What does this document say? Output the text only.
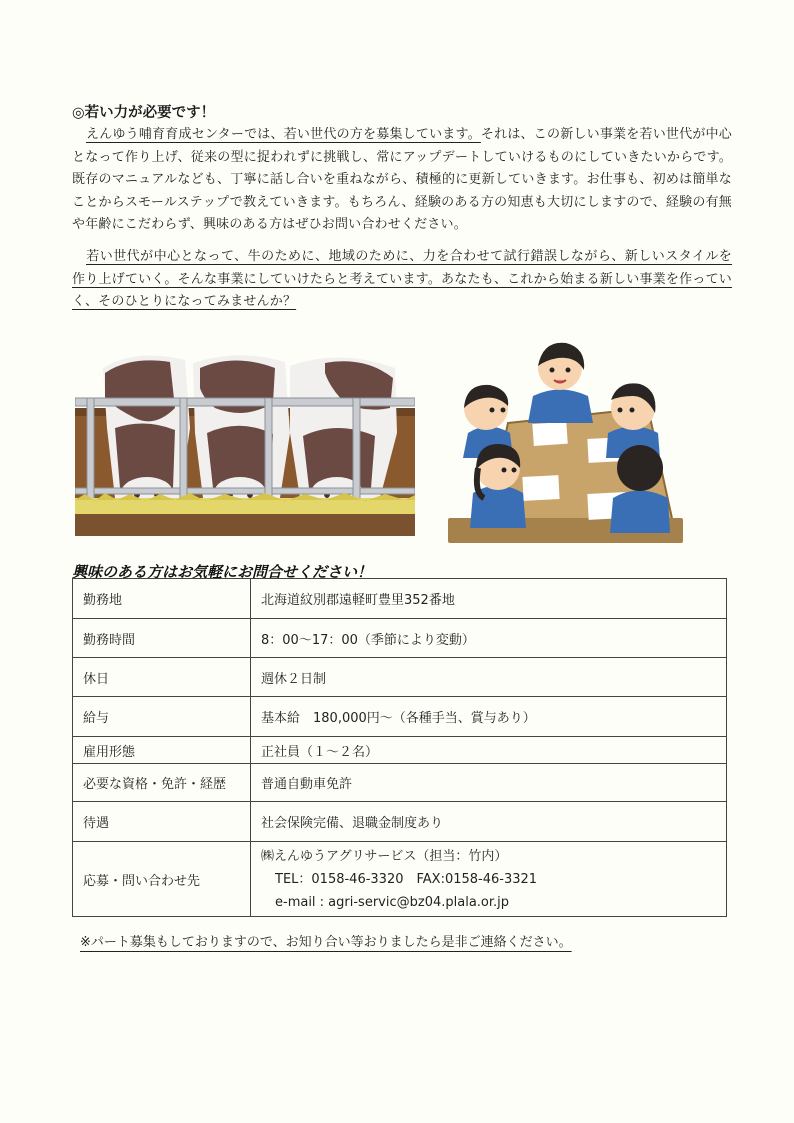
◎若い力が必要です！

えんゆう哺育育成センターでは、若い世代の方を募集しています。それは、この新しい事業を若い世代が中心となって作り上げ、従来の型に捉われずに挑戦し、常にアップデートしていけるものにしていきたいからです。既存のマニュアルなども、丁寧に話し合いを重ねながら、積極的に更新していきます。お仕事も、初めは簡単なことからスモールステップで教えていきます。もちろん、経験のある方の知恵も大切にしますので、経験の有無や年齢にこだわらず、興味のある方はぜひお問い合わせください。

若い世代が中心となって、牛のために、地域のために、力を合わせて試行錯誤しながら、新しいスタイルを作り上げていく。そんな事業にしていけたらと考えています。あなたも、これから始まる新しい事業を作っていく、そのひとりになってみませんか？

興味のある方はお気軽にお問合せください！
勤務地	北海道紋別郡遠軽町豊里352番地
勤務時間	8：00～17：00（季節により変動）
休日	週休２日制
給与	基本給　180,000円～（各種手当、賞与あり）
雇用形態	正社員（１～２名）
必要な資格・免許・経歴	普通自動車免許
待遇	社会保険完備、退職金制度あり
応募・問い合わせ先	㈱えんゆうアグリサービス（担当：竹内）
TEL：0158-46-3320　FAX:0158-46-3321
e-mail : agri-servic@bz04.plala.or.jp

※パート募集もしておりますので、お知り合い等おりましたら是非ご連絡ください。
